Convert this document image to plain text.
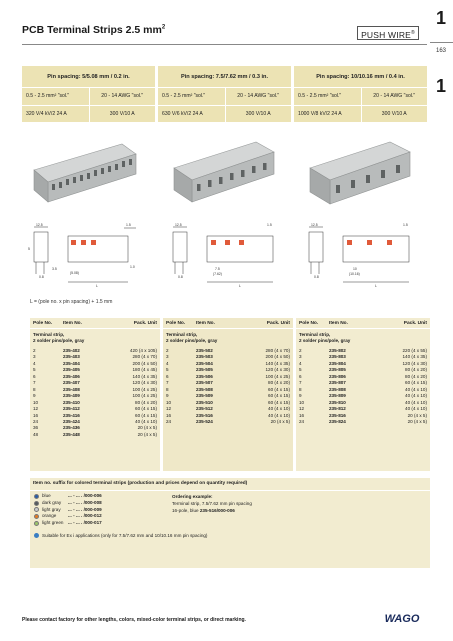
PCB Terminal Strips 2.5 $mm^2$
PUSH WIRE®
1
163
1
Pin spacing: 5/5.08 mm / 0.2 in.
0.5 - 2.5 mm² "sol."	20 - 14 AWG "sol."
320 V/4 kV/2 24 A	300 V/10 A
Pin spacing: 7.5/7.62 mm / 0.3 in.
0.5 - 2.5 mm² "sol."	20 - 14 AWG "sol."
630 V/6 kV/2 24 A	300 V/10 A
Pin spacing: 10/10.16 mm / 0.4 in.
0.5 - 2.5 mm² "sol."	20 - 14 AWG "sol."
1000 V/8 kV/2 24 A	300 V/10 A
12.5	1.5
5
3.5
0.8
1.0
(5.08)
L
12.5	1.5
7.5
(7.62)
0.8
L
12.5	1.5
10
(10.16)
0.8
L
L = (pole no. x pin spacing) + 1.5 mm
Pole No.	Item No.	Pack. Unit
Terminal strip,
2 solder pins/pole, gray
2	235-402	420 (4 x 105)
3	235-403	280 (4 x 70)
4	235-404	200 (4 x 50)
5	235-405	180 (4 x 45)
6	235-406	140 (4 x 35)
7	235-407	120 (4 x 30)
8	235-408	100 (4 x 25)
9	235-409	100 (4 x 25)
10	235-410	80 (4 x 20)
12	235-412	60 (4 x 15)
16	235-416	60 (4 x 15)
24	235-424	40 (4 x 10)
36	235-436	20 (4 x 5)
48	235-448	20 (4 x 5)
Pole No.	Item No.	Pack. Unit
Terminal strip,
2 solder pins/pole, gray
2	235-502	280 (4 x 70)
3	235-503	200 (4 x 50)
4	235-504	140 (4 x 35)
5	235-505	120 (4 x 30)
6	235-506	100 (4 x 25)
7	235-507	80 (4 x 20)
8	235-508	60 (4 x 15)
9	235-509	60 (4 x 15)
10	235-510	60 (4 x 15)
12	235-512	40 (4 x 10)
16	235-516	40 (4 x 10)
24	235-524	20 (4 x 5)
Pole No.	Item No.	Pack. Unit
Terminal strip,
2 solder pins/pole, gray
2	235-802	220 (4 x 55)
3	235-803	140 (4 x 35)
4	235-804	120 (4 x 30)
5	235-805	80 (4 x 20)
6	235-806	80 (4 x 20)
7	235-807	60 (4 x 15)
8	235-808	40 (4 x 10)
9	235-809	40 (4 x 10)
10	235-810	40 (4 x 10)
12	235-812	40 (4 x 10)
16	235-816	20 (4 x 5)
24	235-824	20 (4 x 5)
Item no. suffix for colored terminal strips (production and prices depend on quantity required)
blue	... - ... . /000-006
dark gray	... - ... . /000-008
light gray	... - ... . /000-009
orange	... - ... . /000-012
light green ... - ... . /000-017
Ordering example:
Terminal strip, 7.5/7.62 mm pin spacing
16-pole, blue 235-516/000-006
Suitable for Ex i applications (only for 7.5/7.62 mm and 10/10.16 mm pin spacing)
Please contact factory for other lengths, colors, mixed-color terminal strips, or direct marking.	WAGO
